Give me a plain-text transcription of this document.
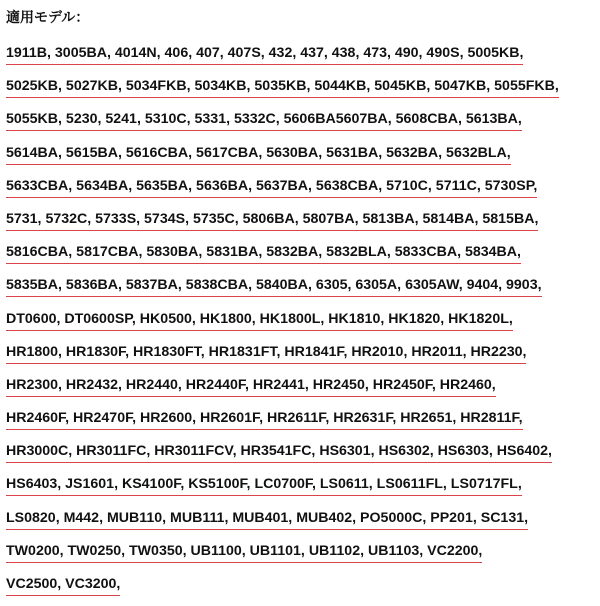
適用モデル：
1911B, 3005BA, 4014N, 406, 407, 407S, 432, 437, 438, 473, 490, 490S, 5005KB,
5025KB, 5027KB, 5034FKB, 5034KB, 5035KB, 5044KB, 5045KB, 5047KB, 5055FKB,
5055KB, 5230, 5241, 5310C, 5331, 5332C, 5606BA5607BA, 5608CBA, 5613BA,
5614BA, 5615BA, 5616CBA, 5617CBA, 5630BA, 5631BA, 5632BA, 5632BLA,
5633CBA, 5634BA, 5635BA, 5636BA, 5637BA, 5638CBA, 5710C, 5711C, 5730SP,
5731, 5732C, 5733S, 5734S, 5735C, 5806BA, 5807BA, 5813BA, 5814BA, 5815BA,
5816CBA, 5817CBA, 5830BA, 5831BA, 5832BA, 5832BLA, 5833CBA, 5834BA,
5835BA, 5836BA, 5837BA, 5838CBA, 5840BA, 6305, 6305A, 6305AW, 9404, 9903,
DT0600, DT0600SP, HK0500, HK1800, HK1800L, HK1810, HK1820, HK1820L,
HR1800, HR1830F, HR1830FT, HR1831FT, HR1841F, HR2010, HR2011, HR2230,
HR2300, HR2432, HR2440, HR2440F, HR2441, HR2450, HR2450F, HR2460,
HR2460F, HR2470F, HR2600, HR2601F, HR2611F, HR2631F, HR2651, HR2811F,
HR3000C, HR3011FC, HR3011FCV, HR3541FC, HS6301, HS6302, HS6303, HS6402,
HS6403, JS1601, KS4100F, KS5100F, LC0700F, LS0611, LS0611FL, LS0717FL,
LS0820, M442, MUB110, MUB111, MUB401, MUB402, PO5000C, PP201, SC131,
TW0200, TW0250, TW0350, UB1100, UB1101, UB1102, UB1103, VC2200,
VC2500, VC3200,
